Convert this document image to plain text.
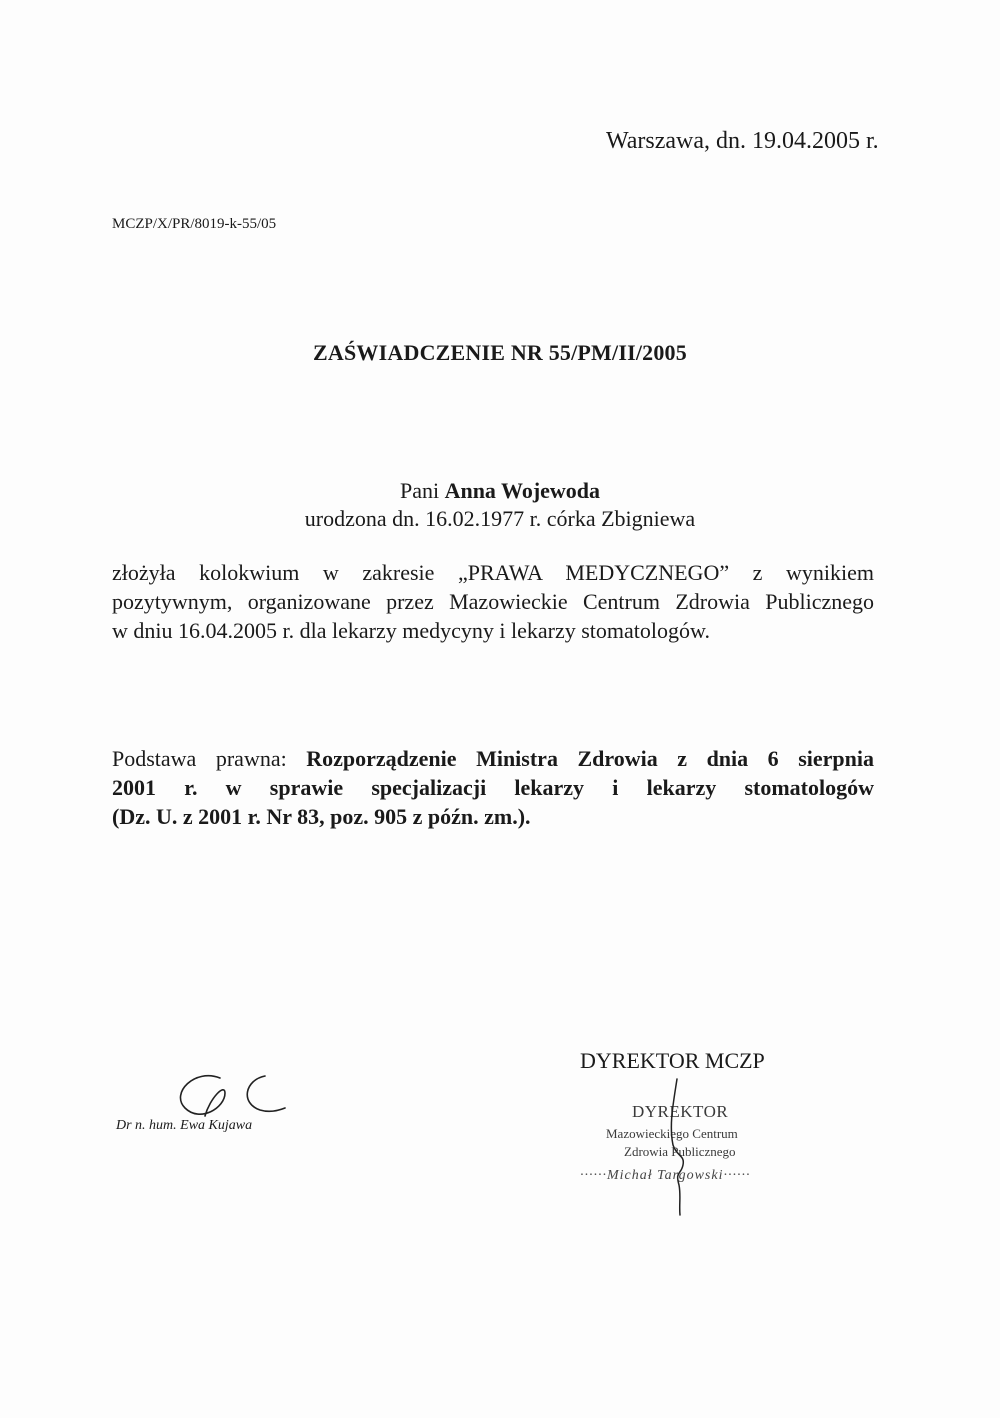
Warszawa, dn. 19.04.2005 r.
MCZP/X/PR/8019-k-55/05
ZAŚWIADCZENIE NR 55/PM/II/2005
Pani Anna Wojewoda
urodzona dn. 16.02.1977 r. córka Zbigniewa
złożyła kolokwium w zakresie „PRAWA MEDYCZNEGO” z wynikiem
pozytywnym, organizowane przez Mazowieckie Centrum Zdrowia Publicznego
w dniu 16.04.2005 r. dla lekarzy medycyny i lekarzy stomatologów.
Podstawa prawna: Rozporządzenie Ministra Zdrowia z dnia 6 sierpnia
2001 r. w sprawie specjalizacji lekarzy i lekarzy stomatologów
(Dz. U. z 2001 r. Nr 83, poz. 905 z późn. zm.).
DYREKTOR MCZP
Dr n. hum. Ewa Kujawa
DYREKTOR
Mazowieckiego Centrum
Zdrowia Publicznego
······Michał Targowski······
